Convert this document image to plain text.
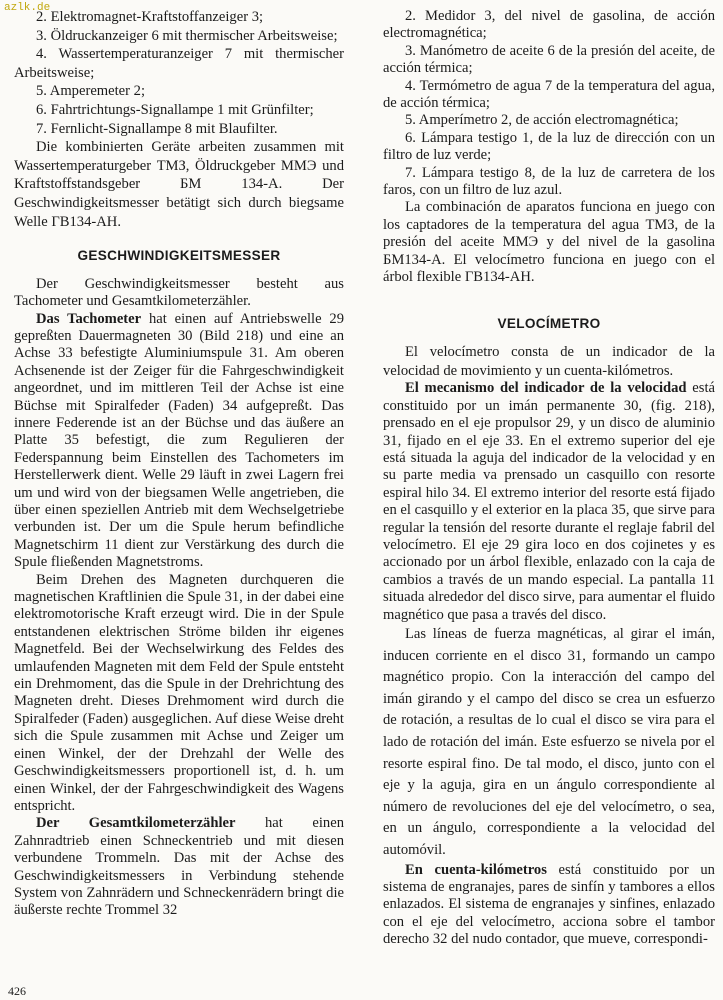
azlk.de

2. Elektromagnet-Kraftstoffanzeiger 3;

3. Öldruckanzeiger 6 mit thermischer Arbeitsweise;

4. Wassertemperaturanzeiger 7 mit thermischer Arbeitsweise;

5. Amperemeter 2;

6. Fahrtrichtungs-Signallampe 1 mit Grünfilter;

7. Fernlicht-Signallampe 8 mit Blaufilter.

Die kombinierten Geräte arbeiten zusammen mit Wassertemperaturgeber ТМЗ, Öldruckgeber ММЭ und Kraftstoffstandsgeber БМ 134-A. Der Geschwindigkeitsmesser betätigt sich durch biegsame Welle ГВ134-АН.

GESCHWINDIGKEITSMESSER

Der Geschwindigkeitsmesser besteht aus Tachometer und Gesamtkilometerzähler.

Das Tachometer hat einen auf Antriebswelle 29 gepreßten Dauermagneten 30 (Bild 218) und eine an Achse 33 befestigte Aluminiumspule 31. Am oberen Achsenende ist der Zeiger für die Fahrgeschwindigkeit angeordnet, und im mittleren Teil der Achse ist eine Büchse mit Spiralfeder (Faden) 34 aufgepreßt. Das innere Federende ist an der Büchse und das äußere an Platte 35 befestigt, die zum Regulieren der Federspannung beim Einstellen des Tachometers im Herstellerwerk dient. Welle 29 läuft in zwei Lagern frei um und wird von der biegsamen Welle angetrieben, die über einen speziellen Antrieb mit dem Wechselgetriebe verbunden ist. Der um die Spule herum befindliche Magnetschirm 11 dient zur Verstärkung des durch die Spule fließenden Magnetstroms.

Beim Drehen des Magneten durchqueren die magnetischen Kraftlinien die Spule 31, in der dabei eine elektromotorische Kraft erzeugt wird. Die in der Spule entstandenen elektrischen Ströme bilden ihr eigenes Magnetfeld. Bei der Wechselwirkung des Feldes des umlaufenden Magneten mit dem Feld der Spule entsteht ein Drehmoment, das die Spule in der Drehrichtung des Magneten dreht. Dieses Drehmoment wird durch die Spiralfeder (Faden) ausgeglichen. Auf diese Weise dreht sich die Spule zusammen mit Achse und Zeiger um einen Winkel, der der Drehzahl der Welle des Geschwindigkeitsmessers proportionell ist, d. h. um einen Winkel, der der Fahrgeschwindigkeit des Wagens entspricht.

Der Gesamtkilometerzähler hat einen Zahnradtrieb einen Schneckentrieb und mit diesen verbundene Trommeln. Das mit der Achse des Geschwindigkeitsmessers in Verbindung stehende System von Zahnrädern und Schneckenrädern bringt die äußerste rechte Trommel 32

2. Medidor 3, del nivel de gasolina, de acción electromagnética;

3. Manómetro de aceite 6 de la presión del aceite, de acción térmica;

4. Termómetro de agua 7 de la temperatura del agua, de acción térmica;

5. Amperímetro 2, de acción electromagnética;

6. Lámpara testigo 1, de la luz de dirección con un filtro de luz verde;

7. Lámpara testigo 8, de la luz de carretera de los faros, con un filtro de luz azul.

La combinación de aparatos funciona en juego con los captadores de la temperatura del agua ТМЗ, de la presión del aceite ММЭ y del nivel de la gasolina БМ134-А. El velocímetro funciona en juego con el árbol flexible ГВ134-АН.

VELOCÍMETRO

El velocímetro consta de un indicador de la velocidad de movimiento y un cuenta-kilómetros.

El mecanismo del indicador de la velocidad está constituido por un imán permanente 30, (fig. 218), prensado en el eje propulsor 29, y un disco de aluminio 31, fijado en el eje 33. En el extremo superior del eje está situada la aguja del indicador de la velocidad y en su parte media va prensado un casquillo con resorte espiral hilo 34. El extremo interior del resorte está fijado en el casquillo y el exterior en la placa 35, que sirve para regular la tensión del resorte durante el reglaje fabril del velocímetro. El eje 29 gira loco en dos cojinetes y es accionado por un árbol flexible, enlazado con la caja de cambios a través de un mando especial. La pantalla 11 situada alrededor del disco sirve, para aumentar el fluido magnético que pasa a través del disco.

Las líneas de fuerza magnéticas, al girar el imán, inducen corriente en el disco 31, formando un campo magnético propio. Con la interacción del campo del imán girando y el campo del disco se crea un esfuerzo de rotación, a resultas de lo cual el disco se vira para el lado de rotación del imán. Este esfuerzo se nivela por el resorte espiral fino. De tal modo, el disco, junto con el eje y la aguja, gira en un ángulo correspondiente al número de revoluciones del eje del velocímetro, o sea, en un ángulo, correspondiente a la velocidad del automóvil.

En cuenta-kilómetros está constituido por un sistema de engranajes, pares de sinfín y tambores a ellos enlazados. El sistema de engranajes y sinfines, enlazado con el eje del velocímetro, acciona sobre el tambor derecho 32 del nudo contador, que mueve, correspondi-

426
